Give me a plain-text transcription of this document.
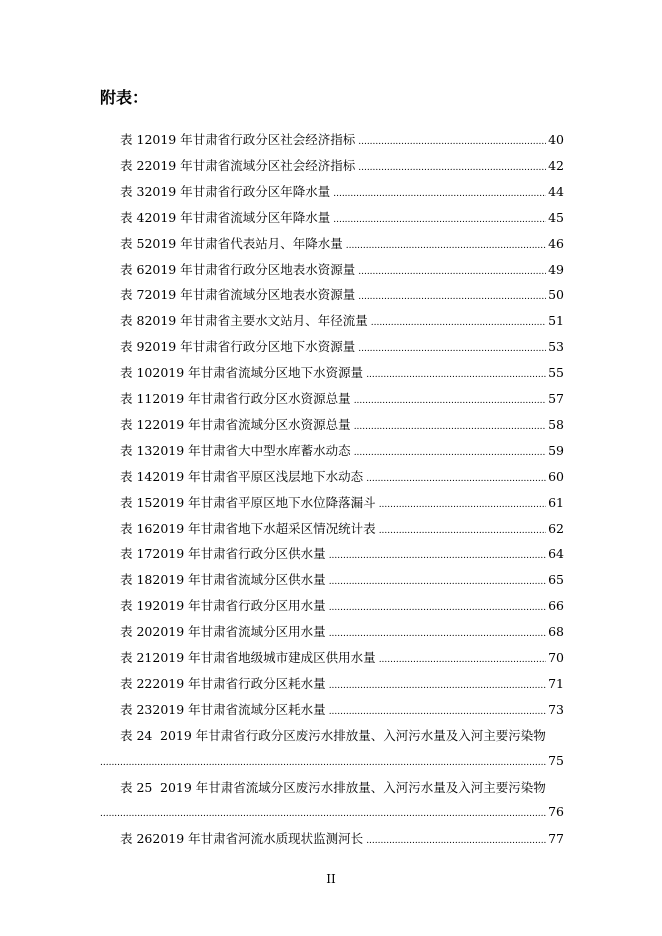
附表：
表 1 2019 年甘肃省行政分区社会经济指标 .....	40
表 2 2019 年甘肃省流域分区社会经济指标 .....	42
表 3 2019 年甘肃省行政分区年降水量 .....	44
表 4 2019 年甘肃省流域分区年降水量 .....	45
表 5 2019 年甘肃省代表站月、年降水量 .....	46
表 6 2019 年甘肃省行政分区地表水资源量 .....	49
表 7 2019 年甘肃省流域分区地表水资源量 .....	50
表 8 2019 年甘肃省主要水文站月、年径流量 .....	51
表 9 2019 年甘肃省行政分区地下水资源量 .....	53
表 10 2019 年甘肃省流域分区地下水资源量 .....	55
表 11 2019 年甘肃省行政分区水资源总量 .....	57
表 12 2019 年甘肃省流域分区水资源总量 .....	58
表 13 2019 年甘肃省大中型水库蓄水动态 .....	59
表 14 2019 年甘肃省平原区浅层地下水动态 .....	60
表 15 2019 年甘肃省平原区地下水位降落漏斗 .....	61
表 16 2019 年甘肃省地下水超采区情况统计表 .....	62
表 17 2019 年甘肃省行政分区供水量 .....	64
表 18 2019 年甘肃省流域分区供水量 .....	65
表 19 2019 年甘肃省行政分区用水量 .....	66
表 20 2019 年甘肃省流域分区用水量 .....	68
表 21 2019 年甘肃省地级城市建成区供用水量 .....	70
表 22 2019 年甘肃省行政分区耗水量 .....	71
表 23 2019 年甘肃省流域分区耗水量 .....	73
表 24 2019 年甘肃省行政分区废污水排放量、入河污水量及入河主要污染物
.....
75
表 25 2019 年甘肃省流域分区废污水排放量、入河污水量及入河主要污染物
.....
76
表 26 2019 年甘肃省河流水质现状监测河长 .....	77
II
